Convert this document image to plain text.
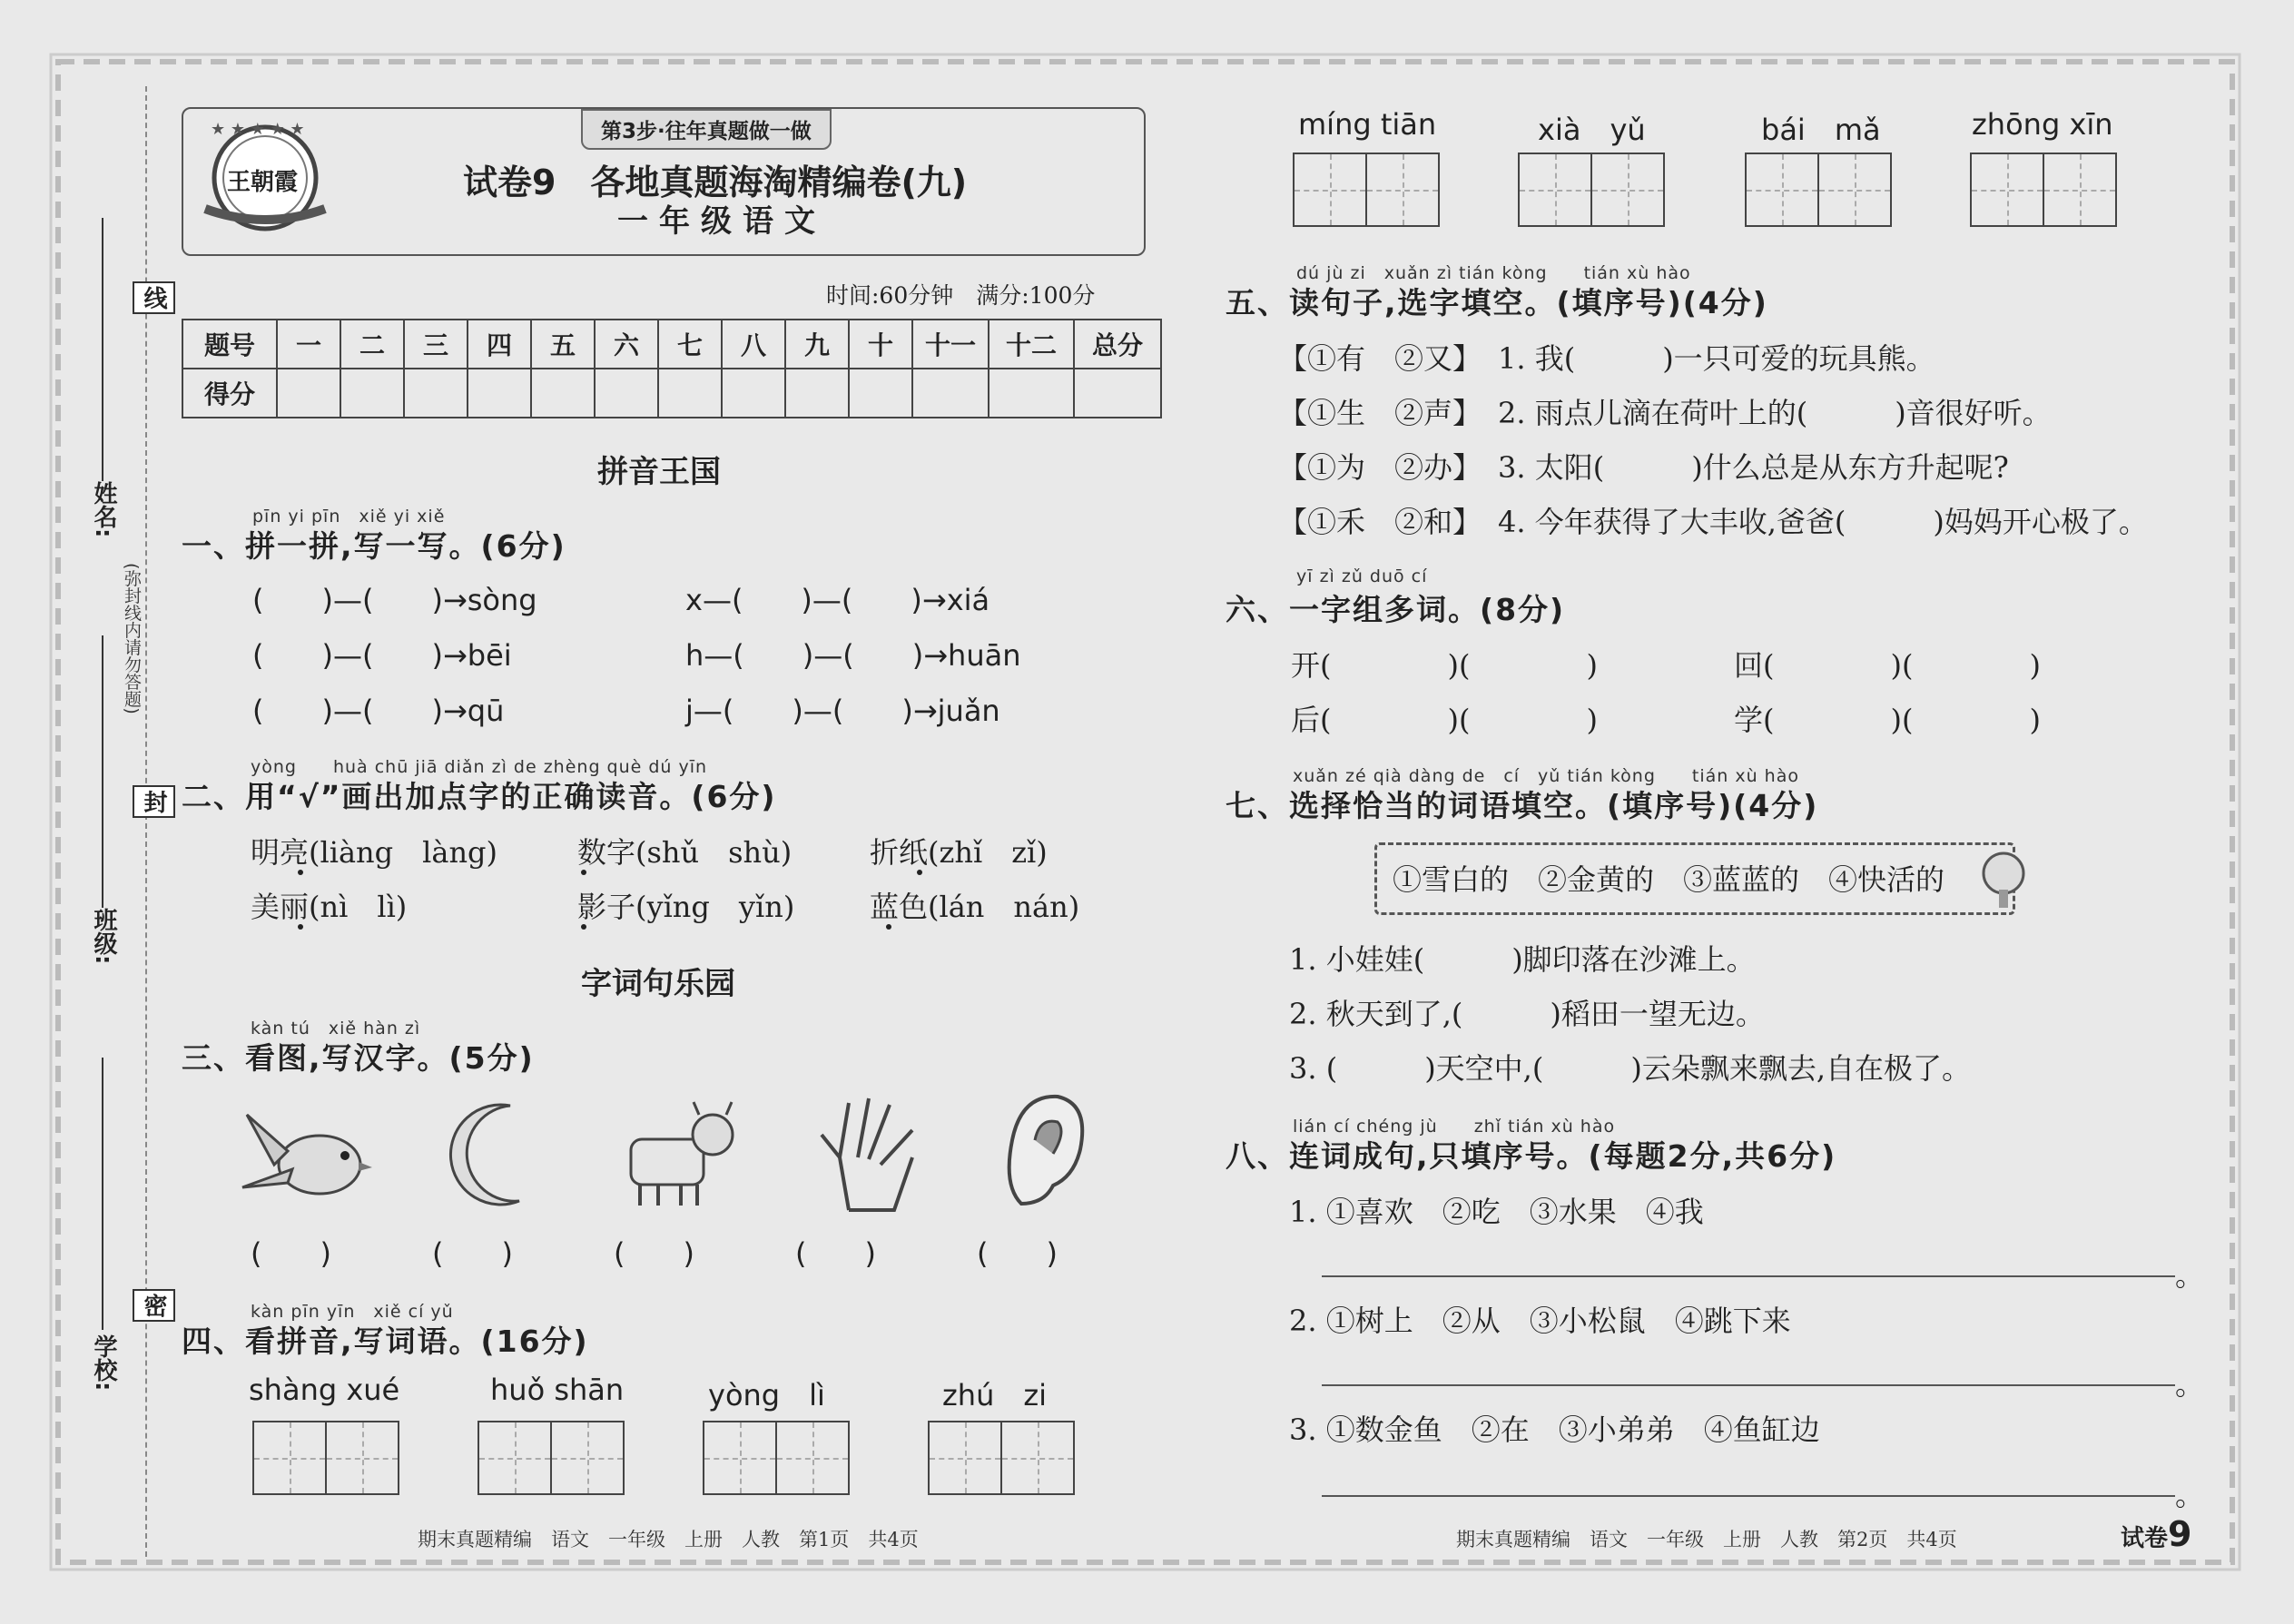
线
封
密
(弥封线内请勿答题)
姓名:
班级:
学校:
★ ★ ★ ★ ★
王朝霞
第3步·往年真题做一做
试卷9　各地真题海淘精编卷(九)
一年级语文
时间:60分钟　满分:100分
题号	一	二	三	四	五	六	七	八	九	十	十一	十二	总分
得分													
拼音王国
pīn yi pīn　xiě yi xiě
一、拼一拼,写一写。(6分)
(　　)—(　　)→sòng	x—(　　)—(　　)→xiá
(　　)—(　　)→bēi	h—(　　)—(　　)→huān
(　　)—(　　)→qū	j—(　　)—(　　)→juǎn
yòng　　huà chū jiā diǎn zì de zhèng què dú yīn
二、用“√”画出加点字的正确读音。(6分)
明亮(liàng　làng)	数字(shǔ　shù)	折纸(zhǐ　zǐ)
美丽(nì　lì)	影子(yǐng　yǐn)	蓝色(lán　nán)
字词句乐园
kàn tú　xiě hàn zì
三、看图,写汉字。(5分)
(　　)	(　　)	(　　)	(　　)	(　　)
kàn pīn yīn　xiě cí yǔ
四、看拼音,写词语。(16分)
shàng xué	huǒ shān	yòng　lì	zhú　zi
期末真题精编　语文　一年级　上册　人教　第1页　共4页
míng tiān	xià　yǔ	bái　mǎ	zhōng xīn
dú jù zi　xuǎn zì tián kòng　　tián xù hào
五、读句子,选字填空。(填序号)(4分)
【①有　②又】 1. 我(　　　)一只可爱的玩具熊。
【①生　②声】 2. 雨点儿滴在荷叶上的(　　　)音很好听。
【①为　②办】 3. 太阳(　　　)什么总是从东方升起呢?
【①禾　②和】 4. 今年获得了大丰收,爸爸(　　　)妈妈开心极了。
yī zì zǔ duō cí
六、一字组多词。(8分)
开(　　　　)(　　　　)	回(　　　　)(　　　　)
后(　　　　)(　　　　)	学(　　　　)(　　　　)
xuǎn zé qià dàng de　cí　yǔ tián kòng　　tián xù hào
七、选择恰当的词语填空。(填序号)(4分)
①雪白的　②金黄的　③蓝蓝的　④快活的
1. 小娃娃(　　　)脚印落在沙滩上。
2. 秋天到了,(　　　)稻田一望无边。
3. (　　　)天空中,(　　　)云朵飘来飘去,自在极了。
lián cí chéng jù　　zhǐ tián xù hào
八、连词成句,只填序号。(每题2分,共6分)
1. ①喜欢　②吃　③水果　④我
。
2. ①树上　②从　③小松鼠　④跳下来
。
3. ①数金鱼　②在　③小弟弟　④鱼缸边
。
期末真题精编　语文　一年级　上册　人教　第2页　共4页	试卷9
